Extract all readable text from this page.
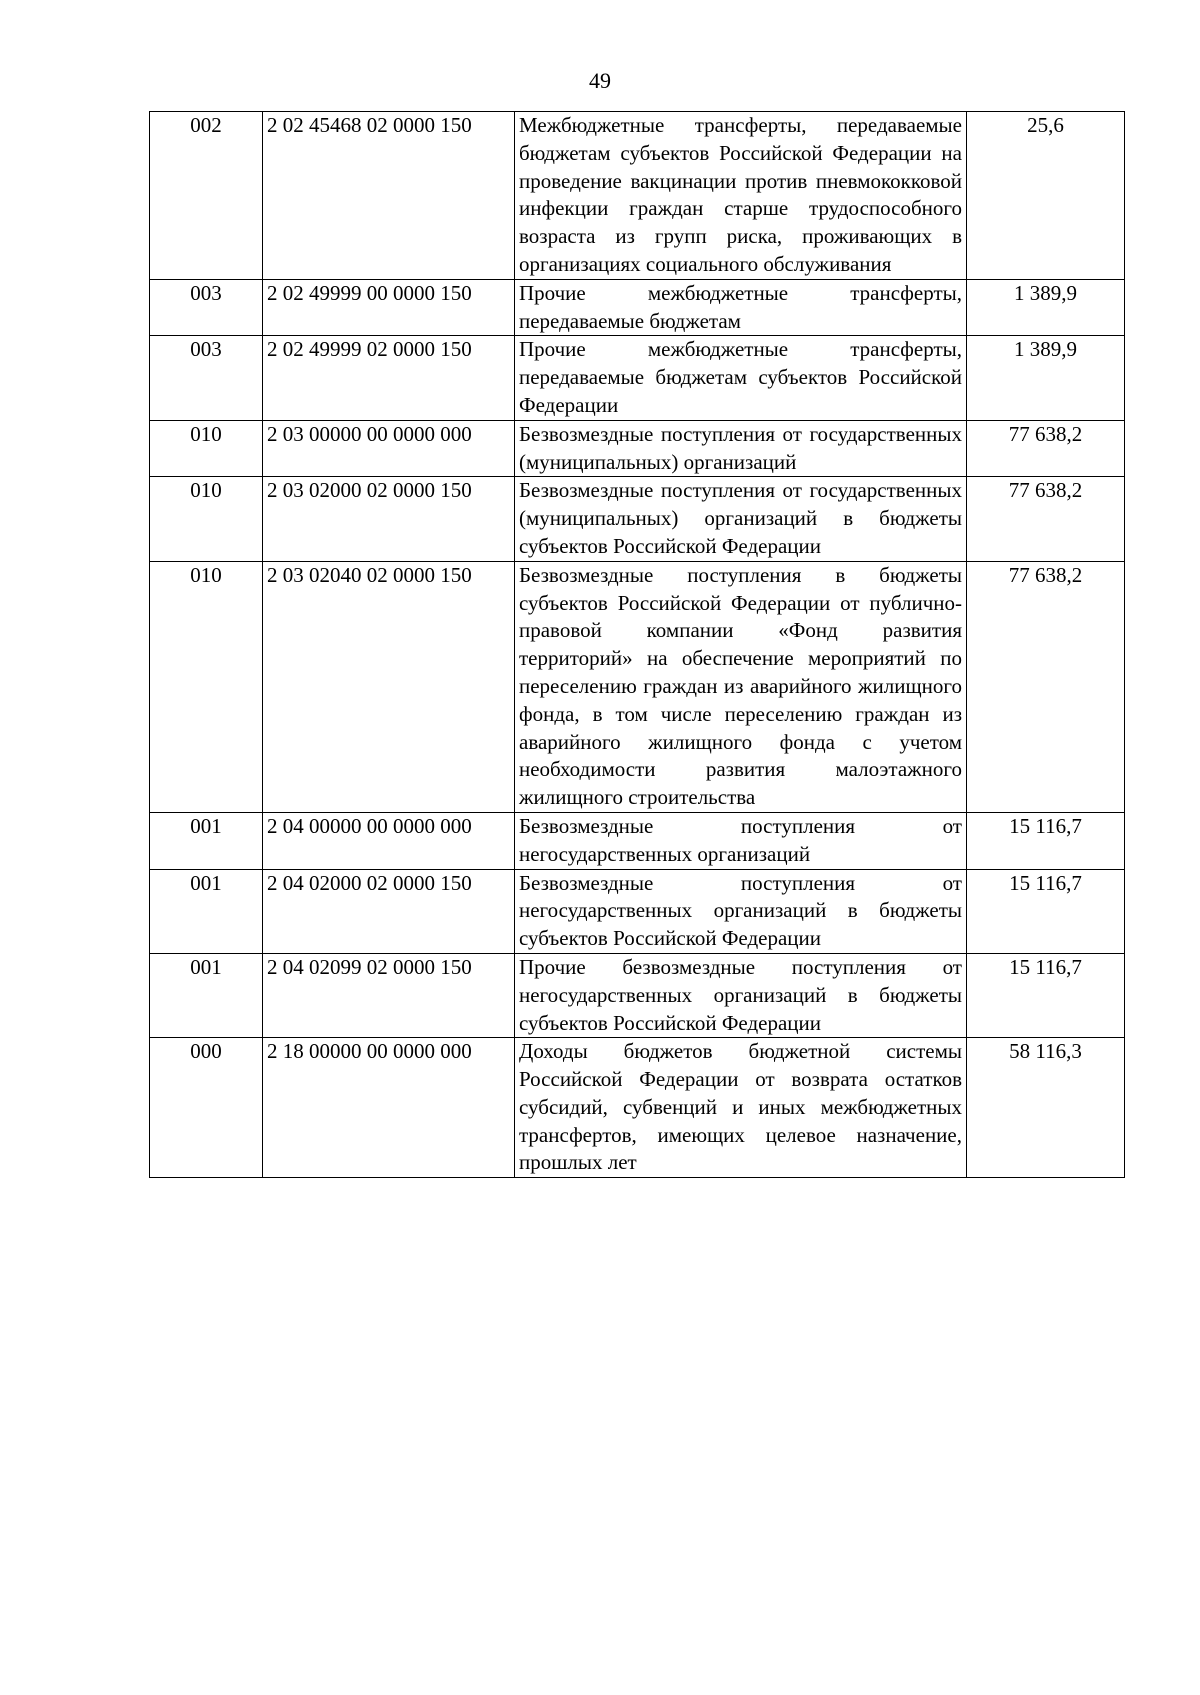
49
002	2 02 45468 02 0000 150	Межбюджетные трансферты, передаваемые бюджетам субъектов Российской Федерации на проведение вакцинации против пневмококковой инфекции граждан старше трудоспособного возраста из групп риска, проживающих в организациях социального обслуживания	25,6
003	2 02 49999 00 0000 150	Прочие межбюджетные трансферты, передаваемые бюджетам	1 389,9
003	2 02 49999 02 0000 150	Прочие межбюджетные трансферты, передаваемые бюджетам субъектов Российской Федерации	1 389,9
010	2 03 00000 00 0000 000	Безвозмездные поступления от государственных (муниципальных) организаций	77 638,2
010	2 03 02000 02 0000 150	Безвозмездные поступления от государственных (муниципальных) организаций в бюджеты субъектов Российской Федерации	77 638,2
010	2 03 02040 02 0000 150	Безвозмездные поступления в бюджеты субъектов Российской Федерации от публично-правовой компании «Фонд развития территорий» на обеспечение мероприятий по переселению граждан из аварийного жилищного фонда, в том числе переселению граждан из аварийного жилищного фонда с учетом необходимости развития малоэтажного жилищного строительства	77 638,2
001	2 04 00000 00 0000 000	Безвозмездные поступления от негосударственных организаций	15 116,7
001	2 04 02000 02 0000 150	Безвозмездные поступления от негосударственных организаций в бюджеты субъектов Российской Федерации	15 116,7
001	2 04 02099 02 0000 150	Прочие безвозмездные поступления от негосударственных организаций в бюджеты субъектов Российской Федерации	15 116,7
000	2 18 00000 00 0000 000	Доходы бюджетов бюджетной системы Российской Федерации от возврата остатков субсидий, субвенций и иных межбюджетных трансфертов, имеющих целевое назначение, прошлых лет	58 116,3
